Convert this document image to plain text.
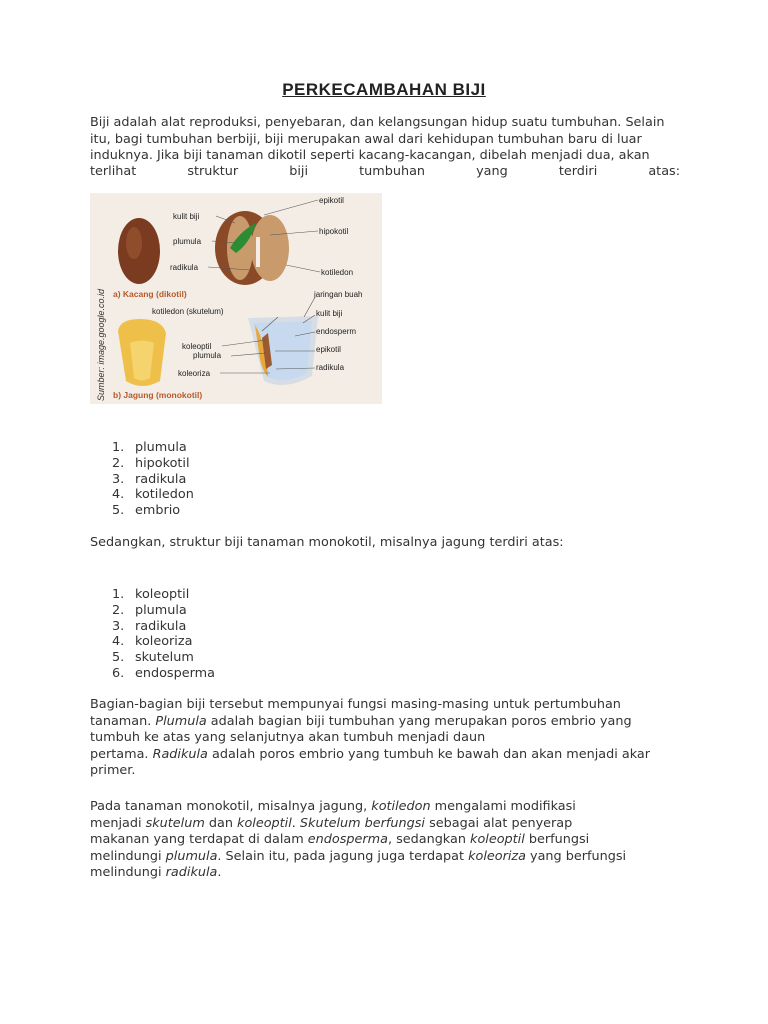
PERKECAMBAHAN BIJI

Biji adalah alat reproduksi, penyebaran, dan kelangsungan hidup suatu tumbuhan. Selain itu, bagi tumbuhan berbiji, biji merupakan awal dari kehidupan tumbuhan baru di luar induknya. Jika biji tanaman dikotil seperti kacang-kacangan, dibelah menjadi dua, akan

terlihat	struktur	biji	tumbuhan	yang	terdiri	atas:

Sumber: image.google.co.id
epikotil
kulit biji
hipokotil
plumula
radikula
kotiledon
a) Kacang (dikotil)	jaringan buah
kotiledon (skutelum)	kulit biji
endosperm
koleoptil
plumula
epikotil
koleoriza
radikula
b) Jagung (monokotil)
1. plumula
2. hipokotil
3. radikula
4. kotiledon
5. embrio

Sedangkan, struktur biji tanaman monokotil, misalnya jagung terdiri atas:

1. koleoptil
2. plumula
3. radikula
4. koleoriza
5. skutelum
6. endosperma

Bagian-bagian biji tersebut mempunyai fungsi masing-masing untuk pertumbuhan tanaman. Plumula adalah bagian biji tumbuhan yang merupakan poros embrio yang tumbuh ke atas yang selanjutnya akan tumbuh menjadi daun
pertama. Radikula adalah poros embrio yang tumbuh ke bawah dan akan menjadi akar primer.

Pada tanaman monokotil, misalnya jagung, kotiledon mengalami modifikasi
menjadi skutelum dan koleoptil. Skutelum berfungsi sebagai alat penyerap
makanan yang terdapat di dalam endosperma, sedangkan koleoptil berfungsi
melindungi plumula. Selain itu, pada jagung juga terdapat koleoriza yang berfungsi
melindungi radikula.
